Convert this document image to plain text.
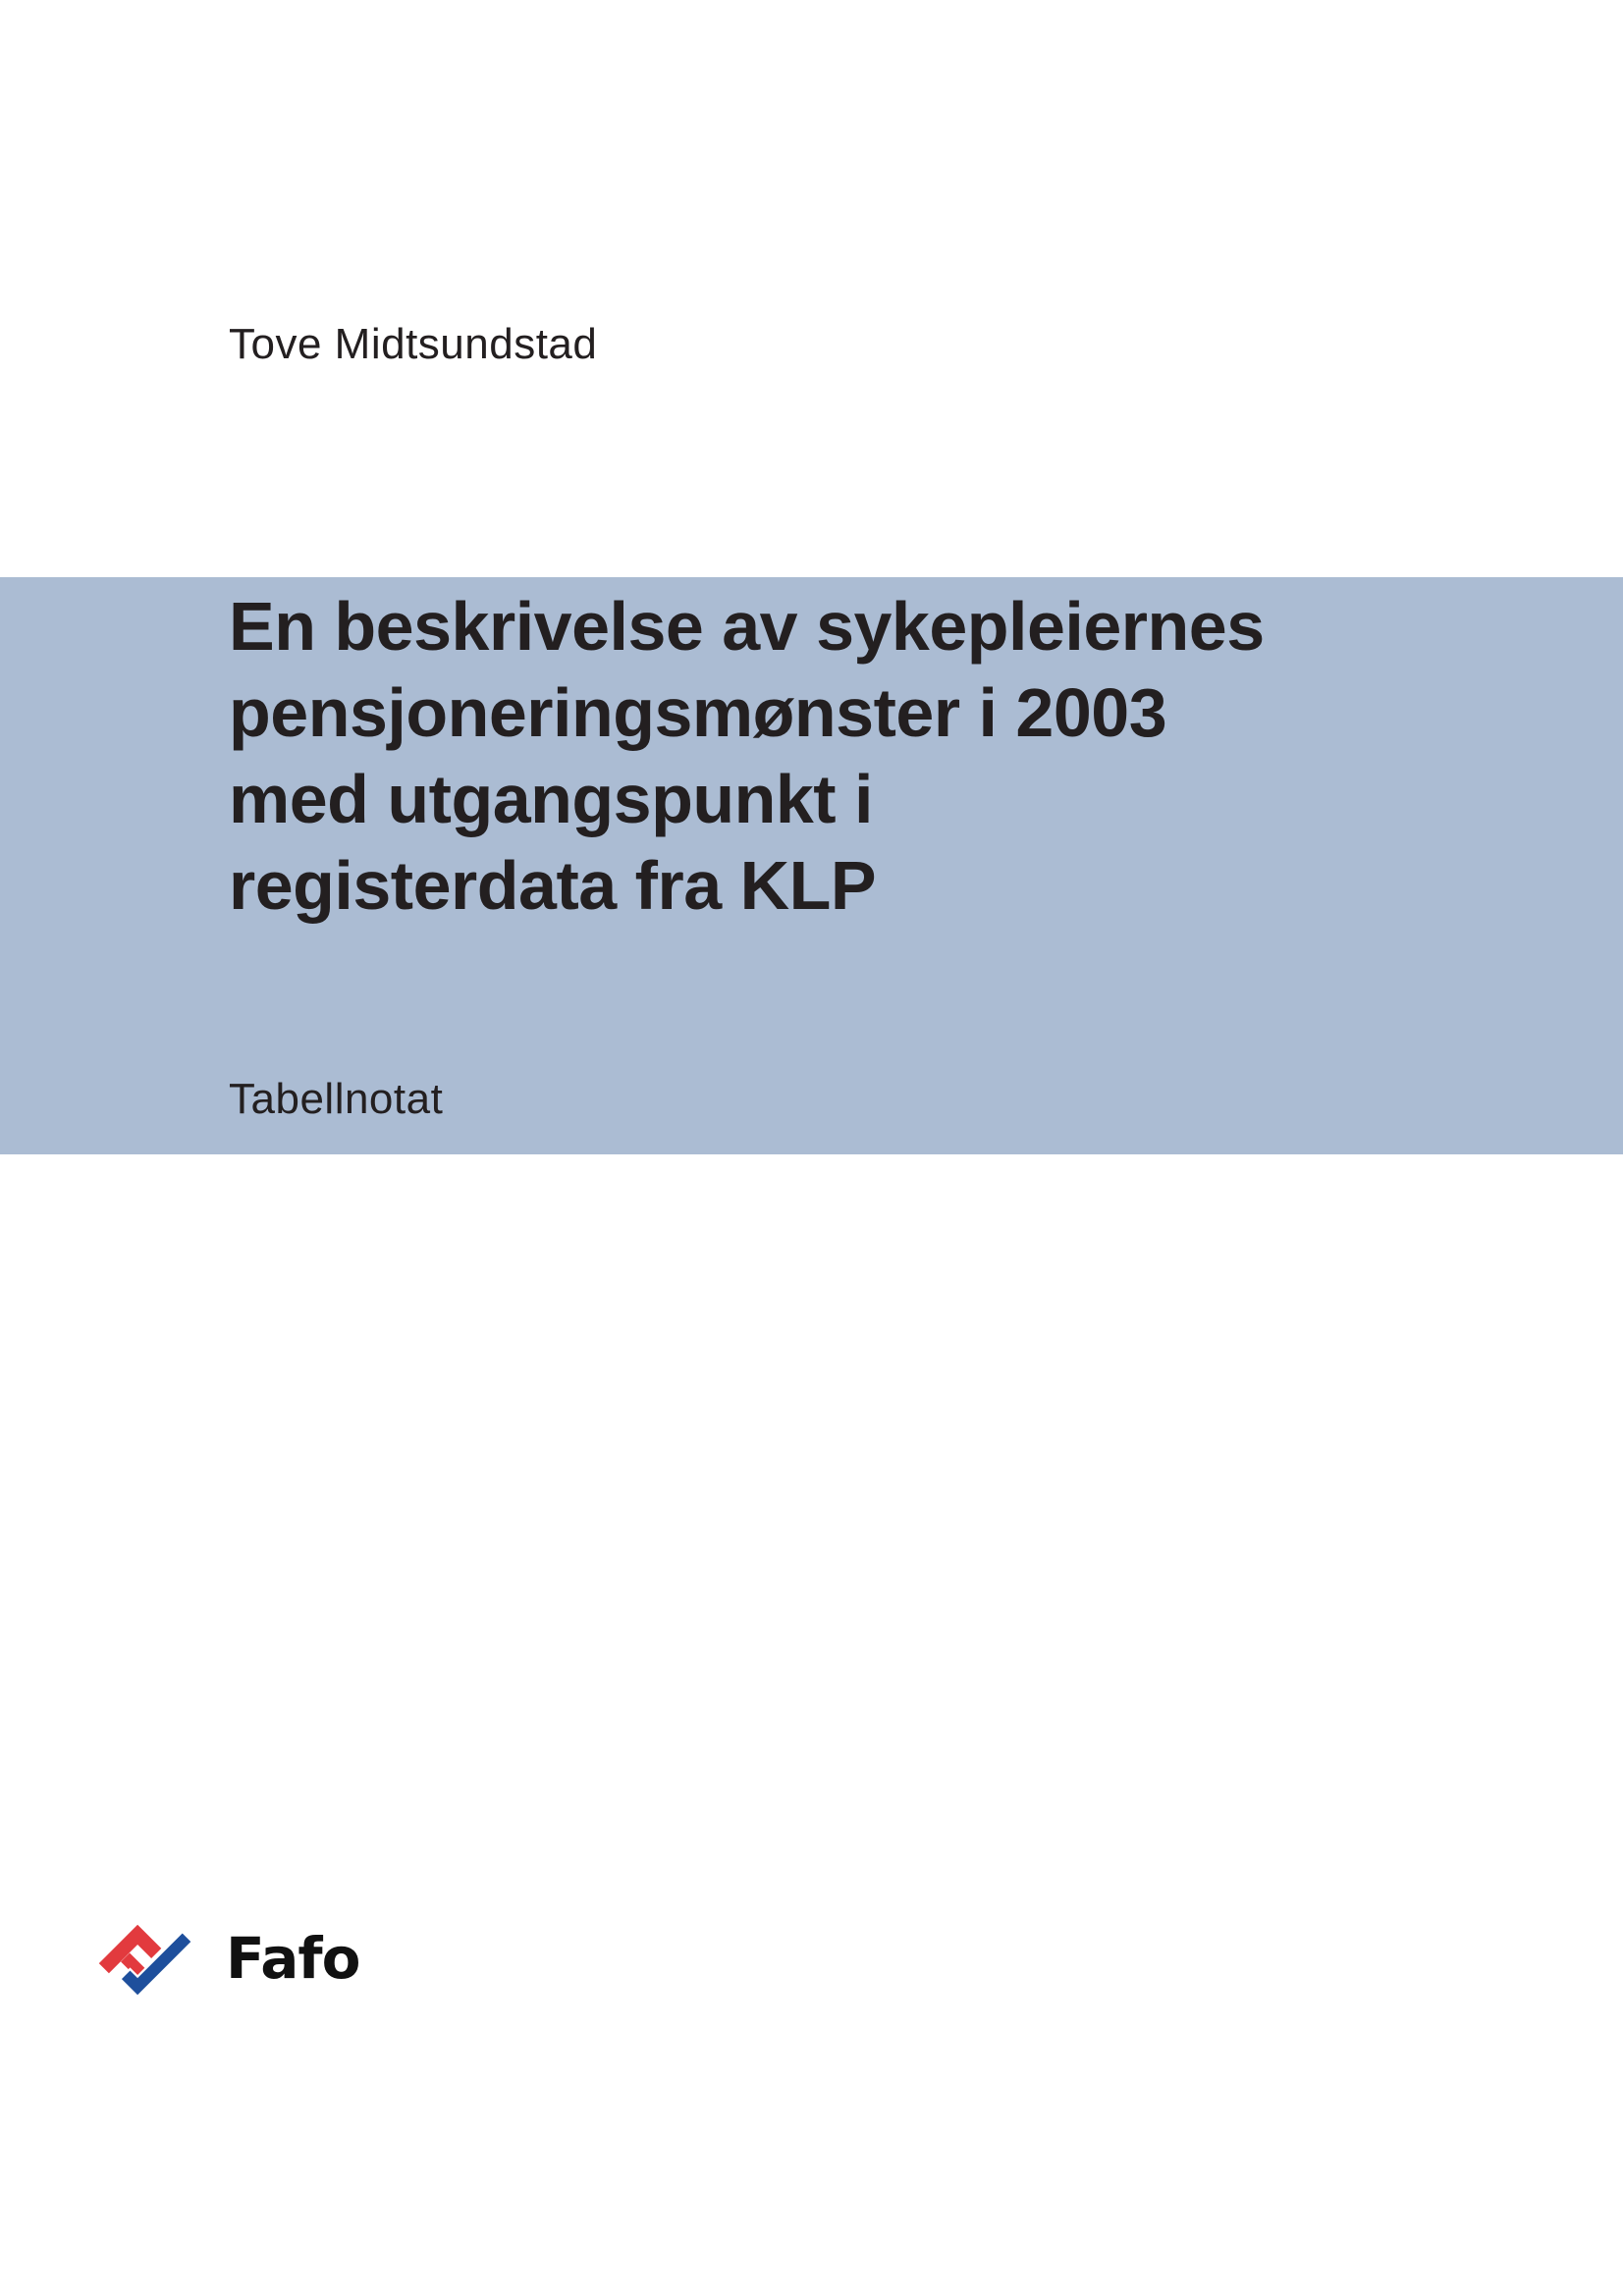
Tove Midtsundstad
En beskrivelse av sykepleiernes
pensjoneringsmønster i 2003
med utgangspunkt i
registerdata fra KLP
Tabellnotat
Fafo
